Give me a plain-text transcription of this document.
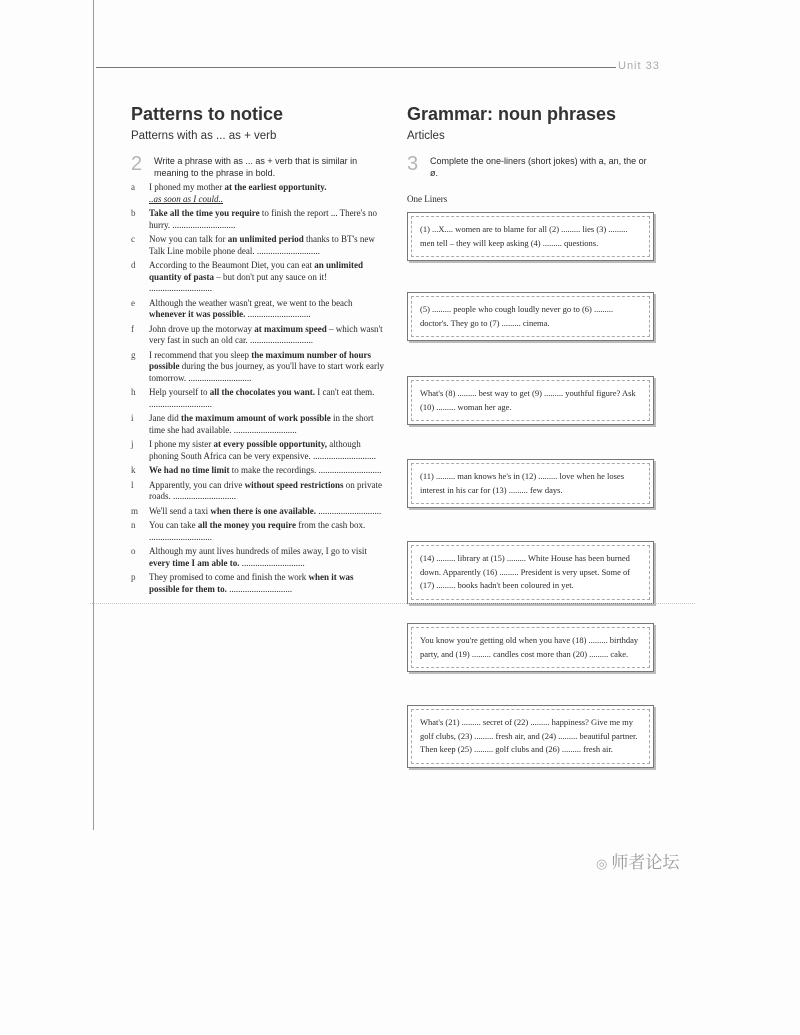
Unit 33
Patterns to notice
Patterns with as ... as + verb
2	Write a phrase with as ... as + verb that is similar in meaning to the phrase in bold.
a	I phoned my mother at the earliest opportunity.
..as soon as I could..
b	Take all the time you require to finish the report ... There's no hurry. ............................
c	Now you can talk for an unlimited period thanks to BT's new Talk Line mobile phone deal. ............................
d	According to the Beaumont Diet, you can eat an unlimited quantity of pasta – but don't put any sauce on it! ............................
e	Although the weather wasn't great, we went to the beach whenever it was possible. ............................
f	John drove up the motorway at maximum speed – which wasn't very fast in such an old car. ............................
g	I recommend that you sleep the maximum number of hours possible during the bus journey, as you'll have to start work early tomorrow. ............................
h	Help yourself to all the chocolates you want. I can't eat them. ............................
i	Jane did the maximum amount of work possible in the short time she had available. ............................
j	I phone my sister at every possible opportunity, although phoning South Africa can be very expensive. ............................
k	We had no time limit to make the recordings. ............................
l	Apparently, you can drive without speed restrictions on private roads. ............................
m	We'll send a taxi when there is one available. ............................
n	You can take all the money you require from the cash box. ............................
o	Although my aunt lives hundreds of miles away, I go to visit every time I am able to. ............................
p	They promised to come and finish the work when it was possible for them to. ............................
Grammar: noun phrases
Articles
3	Complete the one-liners (short jokes) with a, an, the or ø.
One Liners
(1) ...X.... women are to blame for all (2) ......... lies (3) ......... men tell – they will keep asking (4) ......... questions.
(5) ......... people who cough loudly never go to (6) ......... doctor's. They go to (7) ......... cinema.
What's (8) ......... best way to get (9) ......... youthful figure? Ask (10) ......... woman her age.
(11) ......... man knows he's in (12) ......... love when he loses interest in his car for (13) ......... few days.
(14) ......... library at (15) ......... White House has been burned down. Apparently (16) ......... President is very upset. Some of (17) ......... books hadn't been coloured in yet.
You know you're getting old when you have (18) ......... birthday party, and (19) ......... candles cost more than (20) ......... cake.
What's (21) ......... secret of (22) ......... happiness? Give me my golf clubs, (23) ......... fresh air, and (24) ......... beautiful partner. Then keep (25) ......... golf clubs and (26) ......... fresh air.
◎ 师者论坛
